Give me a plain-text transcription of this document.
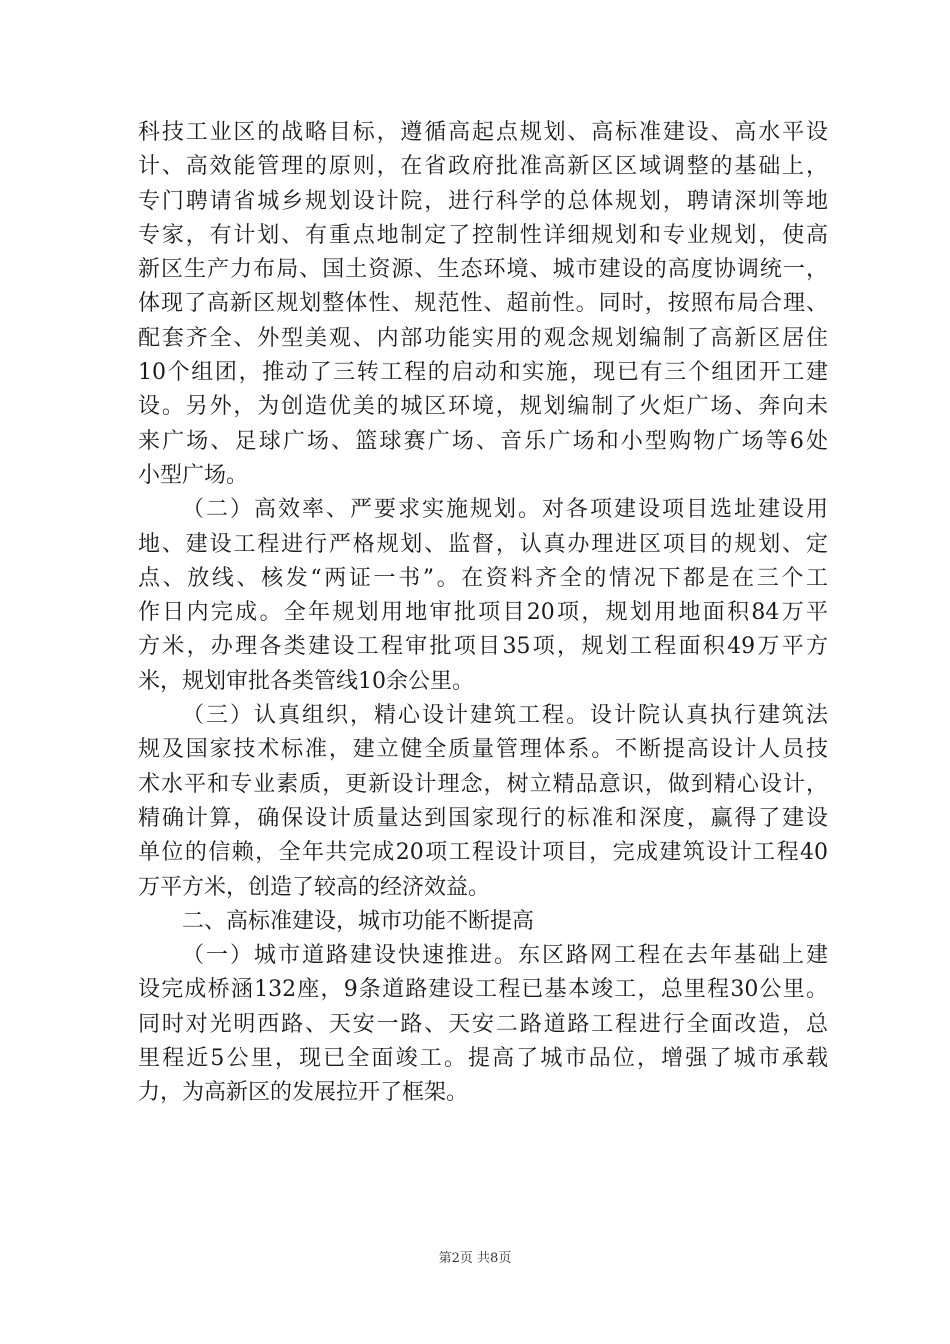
科技工业区的战略目标，遵循高起点规划、高标准建设、高水平设
计、高效能管理的原则，在省政府批准高新区区域调整的基础上，
专门聘请省城乡规划设计院，进行科学的总体规划，聘请深圳等地
专家，有计划、有重点地制定了控制性详细规划和专业规划，使高
新区生产力布局、国土资源、生态环境、城市建设的高度协调统一，
体现了高新区规划整体性、规范性、超前性。同时，按照布局合理、
配套齐全、外型美观、内部功能实用的观念规划编制了高新区居住
10个组团，推动了三转工程的启动和实施，现已有三个组团开工建
设。另外，为创造优美的城区环境，规划编制了火炬广场、奔向未
来广场、足球广场、篮球赛广场、音乐广场和小型购物广场等6处
小型广场。
（二）高效率、严要求实施规划。对各项建设项目选址建设用
地、建设工程进行严格规划、监督，认真办理进区项目的规划、定
点、放线、核发“两证一书”。在资料齐全的情况下都是在三个工
作日内完成。全年规划用地审批项目20项，规划用地面积84万平
方米，办理各类建设工程审批项目35项，规划工程面积49万平方
米，规划审批各类管线10余公里。
（三）认真组织，精心设计建筑工程。设计院认真执行建筑法
规及国家技术标准，建立健全质量管理体系。不断提高设计人员技
术水平和专业素质，更新设计理念，树立精品意识，做到精心设计，
精确计算，确保设计质量达到国家现行的标准和深度，赢得了建设
单位的信赖，全年共完成20项工程设计项目，完成建筑设计工程40
万平方米，创造了较高的经济效益。
二、高标准建设，城市功能不断提高
（一）城市道路建设快速推进。东区路网工程在去年基础上建
设完成桥涵132座，9条道路建设工程已基本竣工，总里程30公里。
同时对光明西路、天安一路、天安二路道路工程进行全面改造，总
里程近5公里，现已全面竣工。提高了城市品位，增强了城市承载
力，为高新区的发展拉开了框架。
第2页 共8页
